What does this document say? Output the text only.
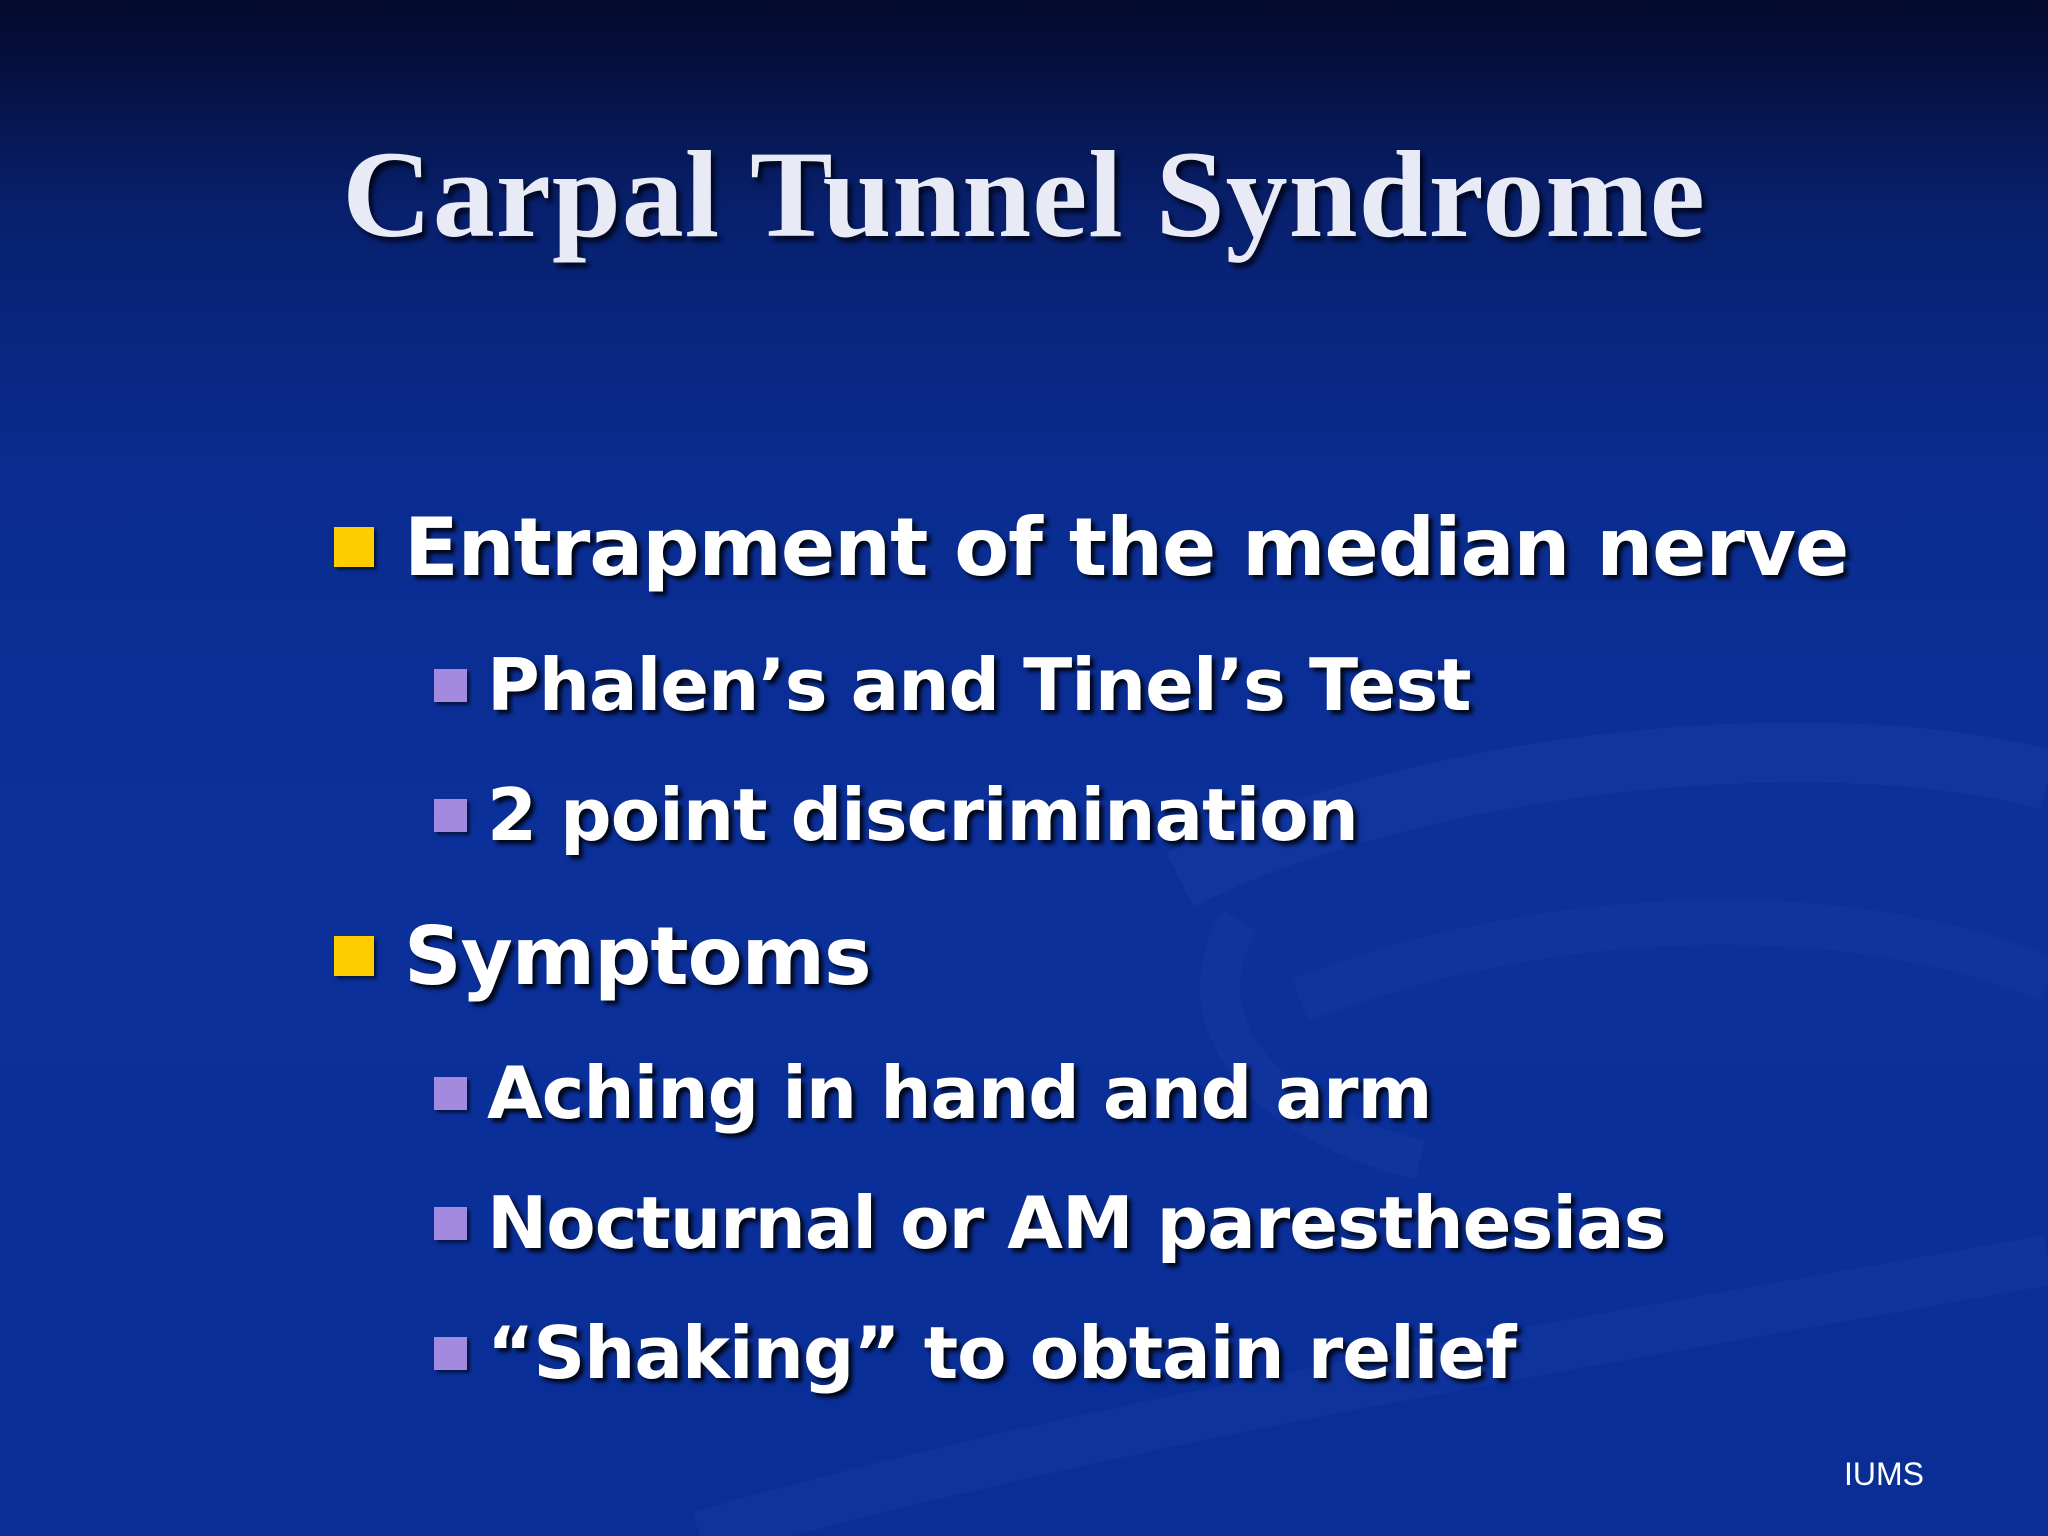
Carpal Tunnel Syndrome
Entrapment of the median nerve
Phalen’s and Tinel’s Test
2 point discrimination
Symptoms
Aching in hand and arm
Nocturnal or AM paresthesias
“Shaking” to obtain relief
IUMS
